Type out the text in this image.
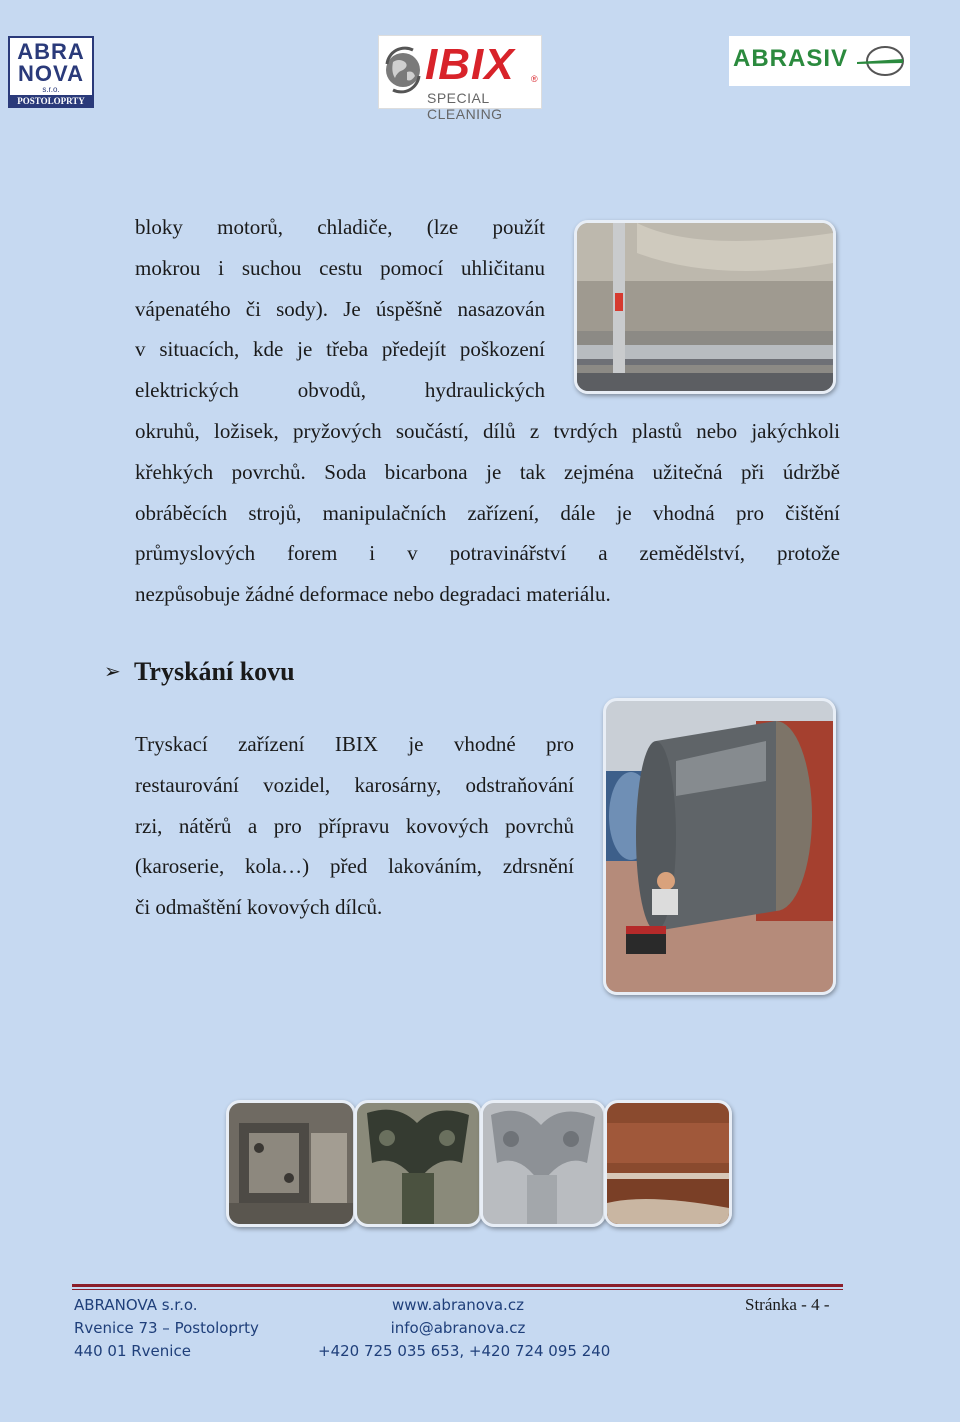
ABRA
NOVA
s.r.o.
POSTOLOPRTY
IBIX ®
SPECIAL CLEANING
ABRASIV

bloky motorů, chladiče, (lze použít
mokrou i suchou cestu pomocí uhličitanu
vápenatého či sody). Je úspěšně nasazován
v situacích, kde je třeba předejít poškození
elektrických obvodů, hydraulických

okruhů, ložisek, pryžových součástí, dílů z tvrdých plastů nebo jakýchkoli
křehkých povrchů. Soda bicarbona je tak zejména užitečná při údržbě
obráběcích strojů, manipulačních zařízení, dále je vhodná pro čištění
průmyslových forem i v potravinářství a zemědělství, protože
nezpůsobuje žádné deformace nebo degradaci materiálu.

➢ Tryskání kovu

Tryskací zařízení IBIX je vhodné pro
restaurování vozidel, karosárny, odstraňování
rzi, nátěrů a pro přípravu kovových povrchů
(karoserie, kola…) před lakováním, zdrsnění
či odmaštění kovových dílců.

ABRANOVA s.r.o.
Rvenice 73 – Postoloprty
440 01 Rvenice
www.abranova.cz
info@abranova.cz
+420 725 035 653, +420 724 095 240
Stránka - 4 -
